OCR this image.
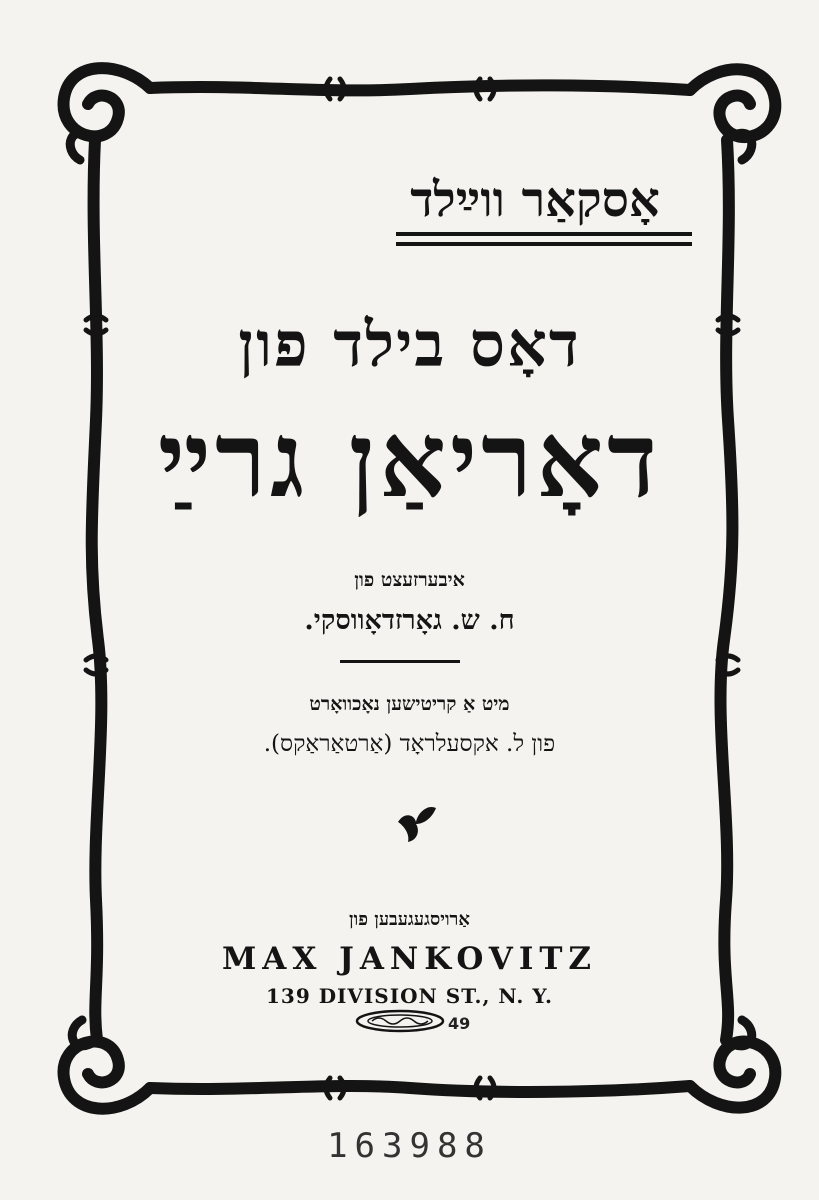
אָסקאַר ווײַלד
דאָס בילד פון
דאָריאַן גרײַ
איבערזעצט פון
ח. ש. גאָרזדאָווסקי.
מיט אַ קריטישען נאָכוואָרט
פון ל. אקסעלראָד (אַרטאַראַקס).
אַרויסגעגעבען פון
MAX JANKOVITZ
139 DIVISION ST., N. Y.
49
163988
